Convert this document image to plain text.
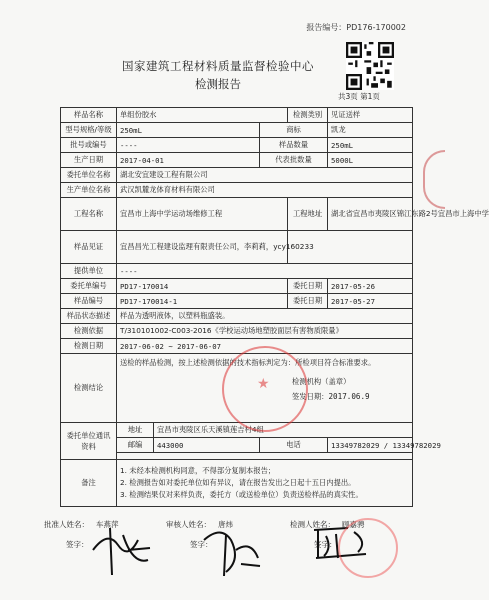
报告编号：PD176-170002
国家建筑工程材料质量监督检验中心
检测报告
共3页 第1页
样品名称	单组份胶水			检测类别	见证送样
型号规格/等级	250mL		商标		凯龙
批号或编号	----		样品数量		250mL
生产日期	2017-04-01		代表批数量		5000L
委托单位名称	湖北安宜建设工程有限公司				
生产单位名称	武汉凯麓龙体育材料有限公司				
工程名称	宜昌市上海中学运动场维修工程			工程地址	湖北省宜昌市夷陵区锦江东路2号宜昌市上海中学
样品见证	宜昌昌光工程建设监理有限责任公司，李莉莉，ycy160233				
提供单位	----				
委托单编号	PD17-170014			委托日期	2017-05-26
样品编号	PD17-170014-1			委托日期	2017-05-27
样品状态描述	样品为透明液体，以塑料瓶盛装。				
检测依据	T/310101002-C003-2016《学校运动场地塑胶面层有害物质限量》				
检测日期	2017-06-02 ~ 2017-06-07				
检测结论	送检的样品检测，按上述检测依据的技术指标判定为：所检项目符合标准要求。
检测机构（盖章）
签发日期：2017.06.9				

委托单位通讯资料	地址	宜昌市夷陵区乐天溪镇莲吉村4组			
	邮编	443000	电话		13349782029 / 13349782029

备注	1. 未经本检测机构同意，不得部分复制本报告；
2. 检测报告如对委托单位如有异议，请在报告发出之日起十五日内提出。
3. 检测结果仅对来样负责，委托方（或送检单位）负责送检样品的真实性。				
★
批准人姓名： 车燕萍	审核人姓名： 唐炜	检测人姓名： 顾嘉骋
签字：	签字：	签字：
